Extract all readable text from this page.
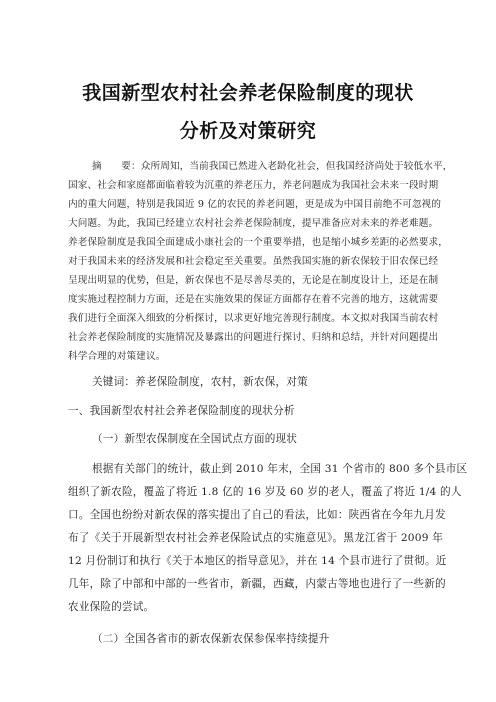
我国新型农村社会养老保险制度的现状
分析及对策研究
摘　　要：众所周知，当前我国已然进入老龄化社会，但我国经济尚处于较低水平，
国家、社会和家庭都面临着较为沉重的养老压力，养老问题成为我国社会未来一段时期
内的重大问题，特别是我国近 9 亿的农民的养老问题，更是成为中国目前绝不可忽视的
大问题。为此，我国已经建立农村社会养老保险制度，提早准备应对未来的养老难题。
养老保险制度是我国全面建成小康社会的一个重要举措，也是缩小城乡差距的必然要求，
对于我国未来的经济发展和社会稳定至关重要。虽然我国实施的新农保较于旧农保已经
呈现出明显的优势，但是，新农保也不是尽善尽美的，无论是在制度设计上，还是在制
度实施过程控制力方面，还是在实施效果的保证方面都存在着不完善的地方，这就需要
我们进行全面深入细致的分析探讨，以求更好地完善现行制度。本文拟对我国当前农村
社会养老保险制度的实施情况及暴露出的问题进行探讨、归纳和总结，并针对问题提出
科学合理的对策建议。
关键词：养老保险制度，农村，新农保，对策
一、我国新型农村社会养老保险制度的现状分析
（一）新型农保制度在全国试点方面的现状
根据有关部门的统计，截止到 2010 年末，全国 31 个省市的 800 多个县市区
组织了新农险，覆盖了将近 1.8 亿的 16 岁及 60 岁的老人，覆盖了将近 1/4 的人
口。全国也纷纷对新农保的落实提出了自己的看法，比如：陕西省在今年九月发
布了《关于开展新型农村社会养老保险试点的实施意见》。黑龙江省于 2009 年
12 月份制订和执行《关于本地区的指导意见》，并在 14 个县市进行了贯彻。近
几年，除了中部和中部的一些省市，新疆，西藏，内蒙古等地也进行了一些新的
农业保险的尝试。
（二）全国各省市的新农保新农保参保率持续提升
